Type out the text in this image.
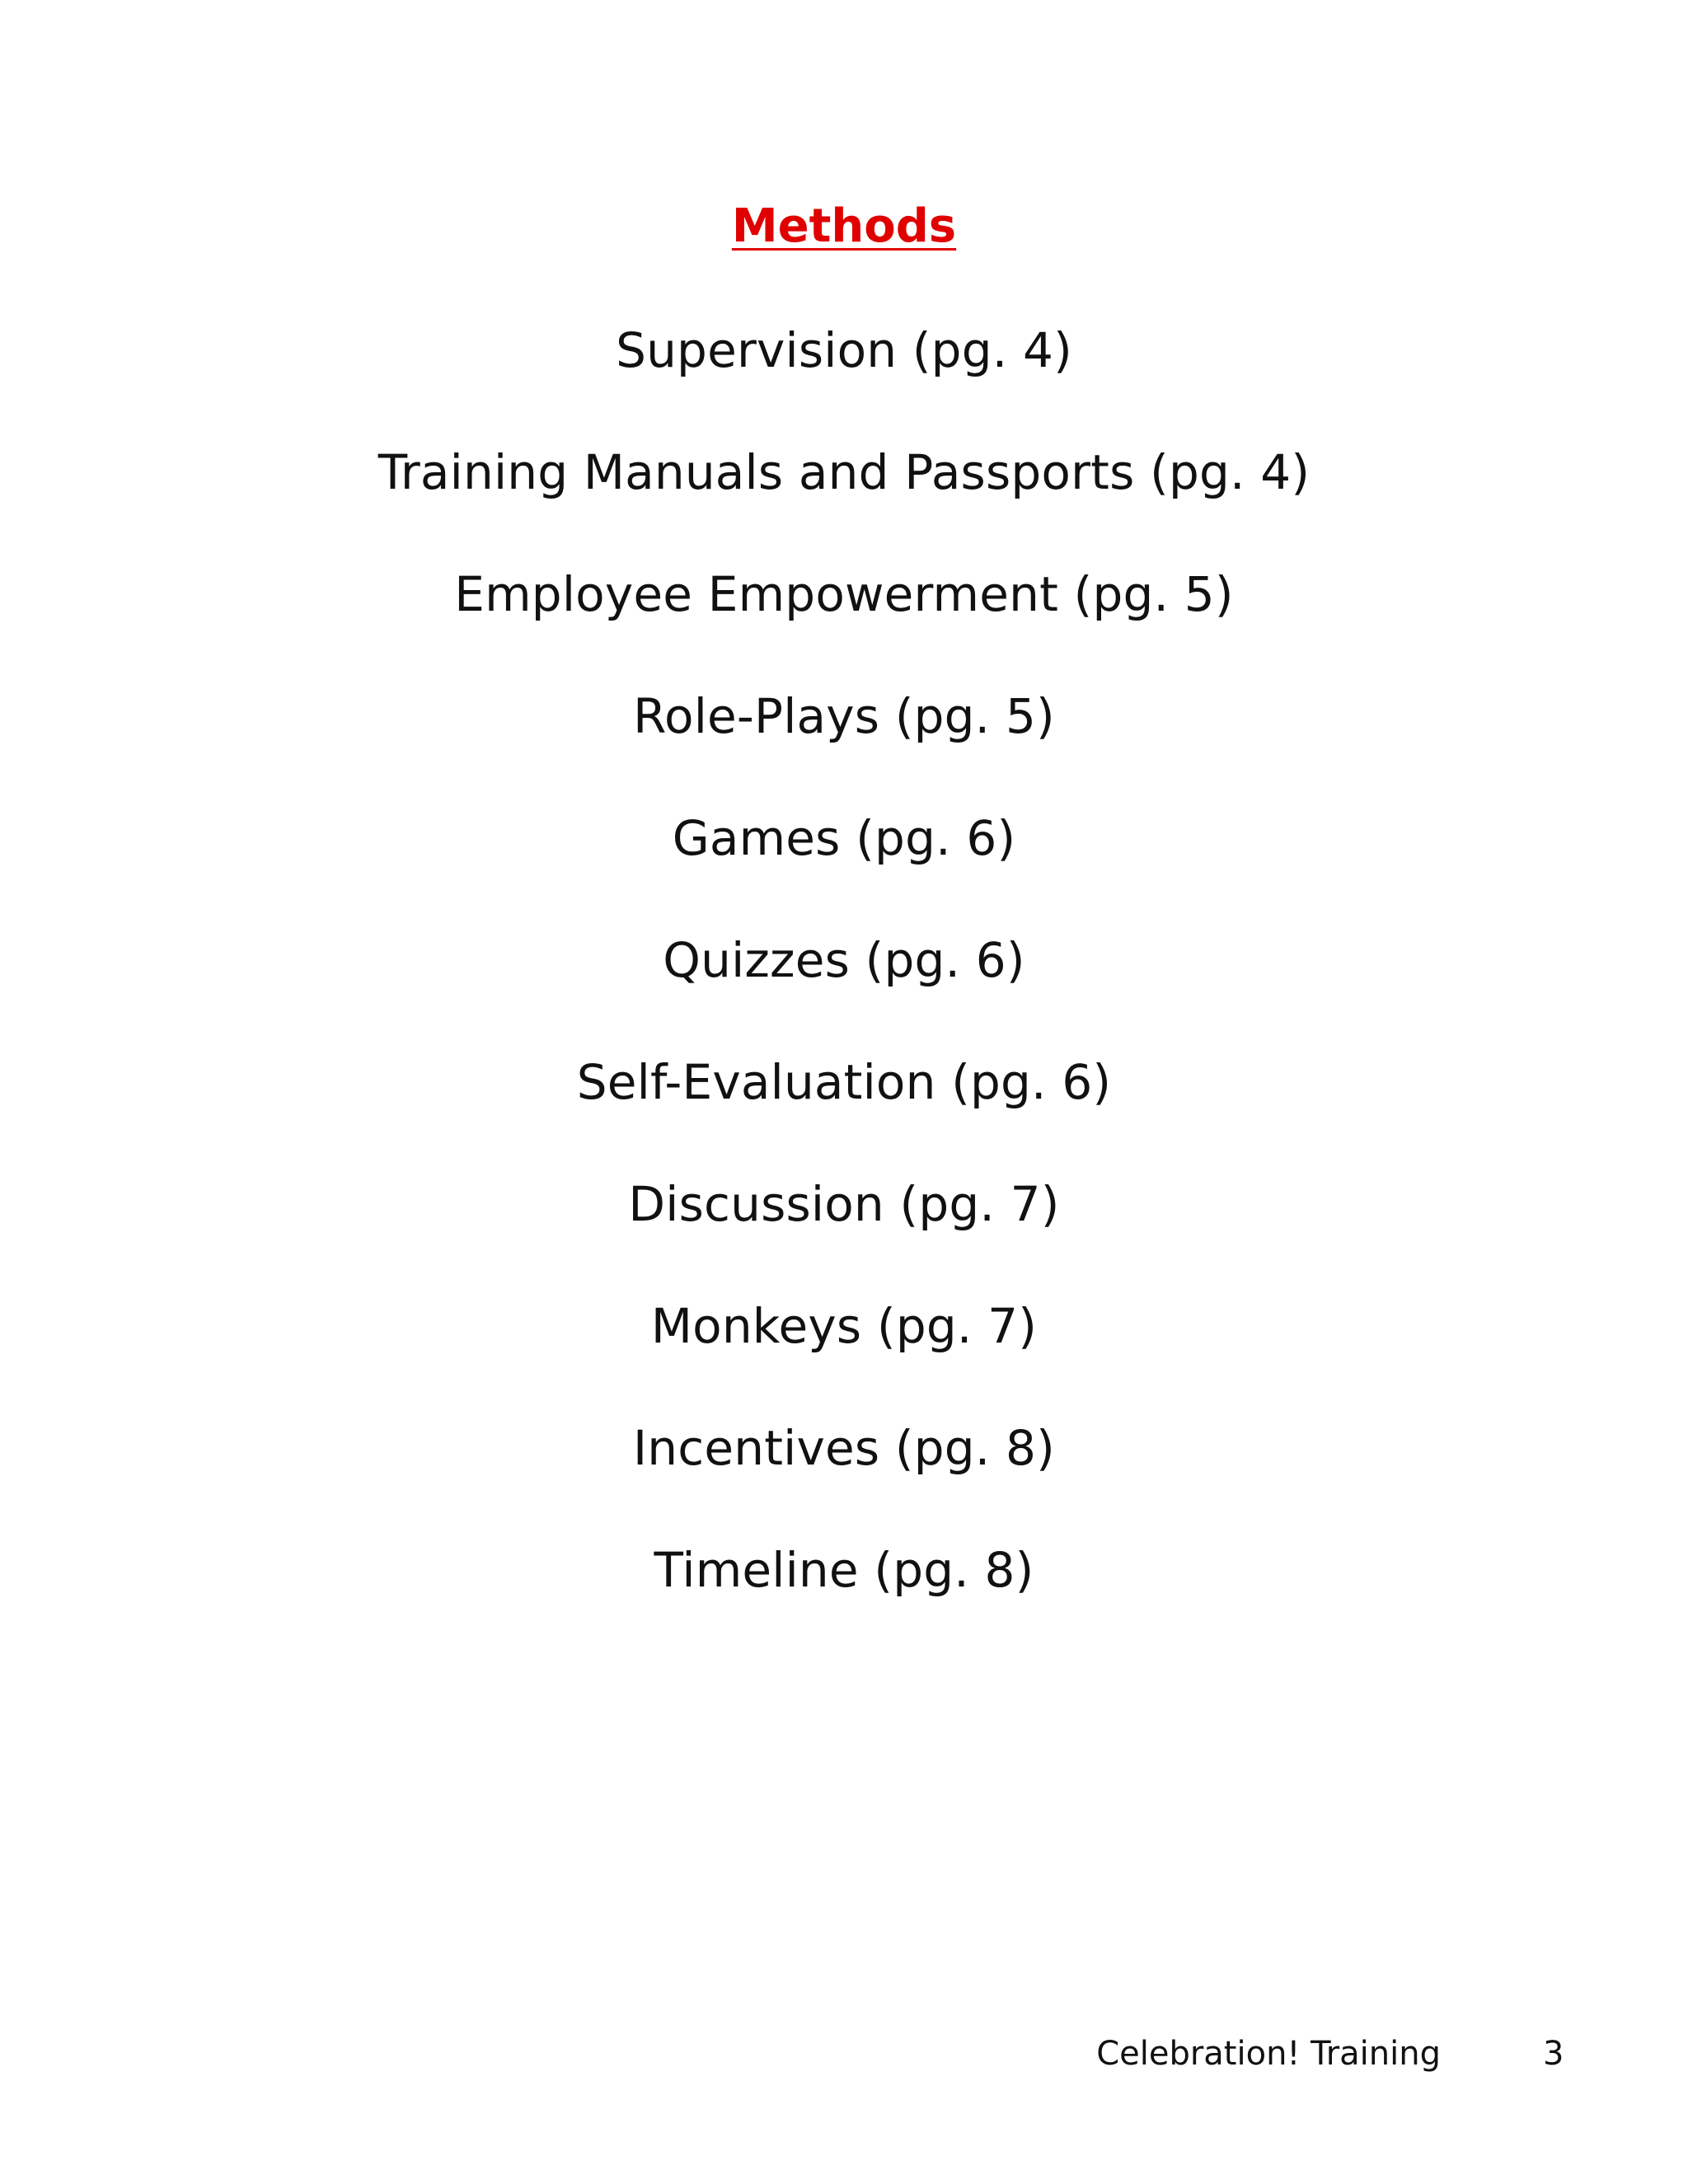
Methods
Supervision (pg. 4)
Training Manuals and Passports (pg. 4)
Employee Empowerment (pg. 5)
Role-Plays (pg. 5)
Games (pg. 6)
Quizzes (pg. 6)
Self-Evaluation (pg. 6)
Discussion (pg. 7)
Monkeys (pg. 7)
Incentives (pg. 8)
Timeline (pg. 8)
Celebration! Training	3
